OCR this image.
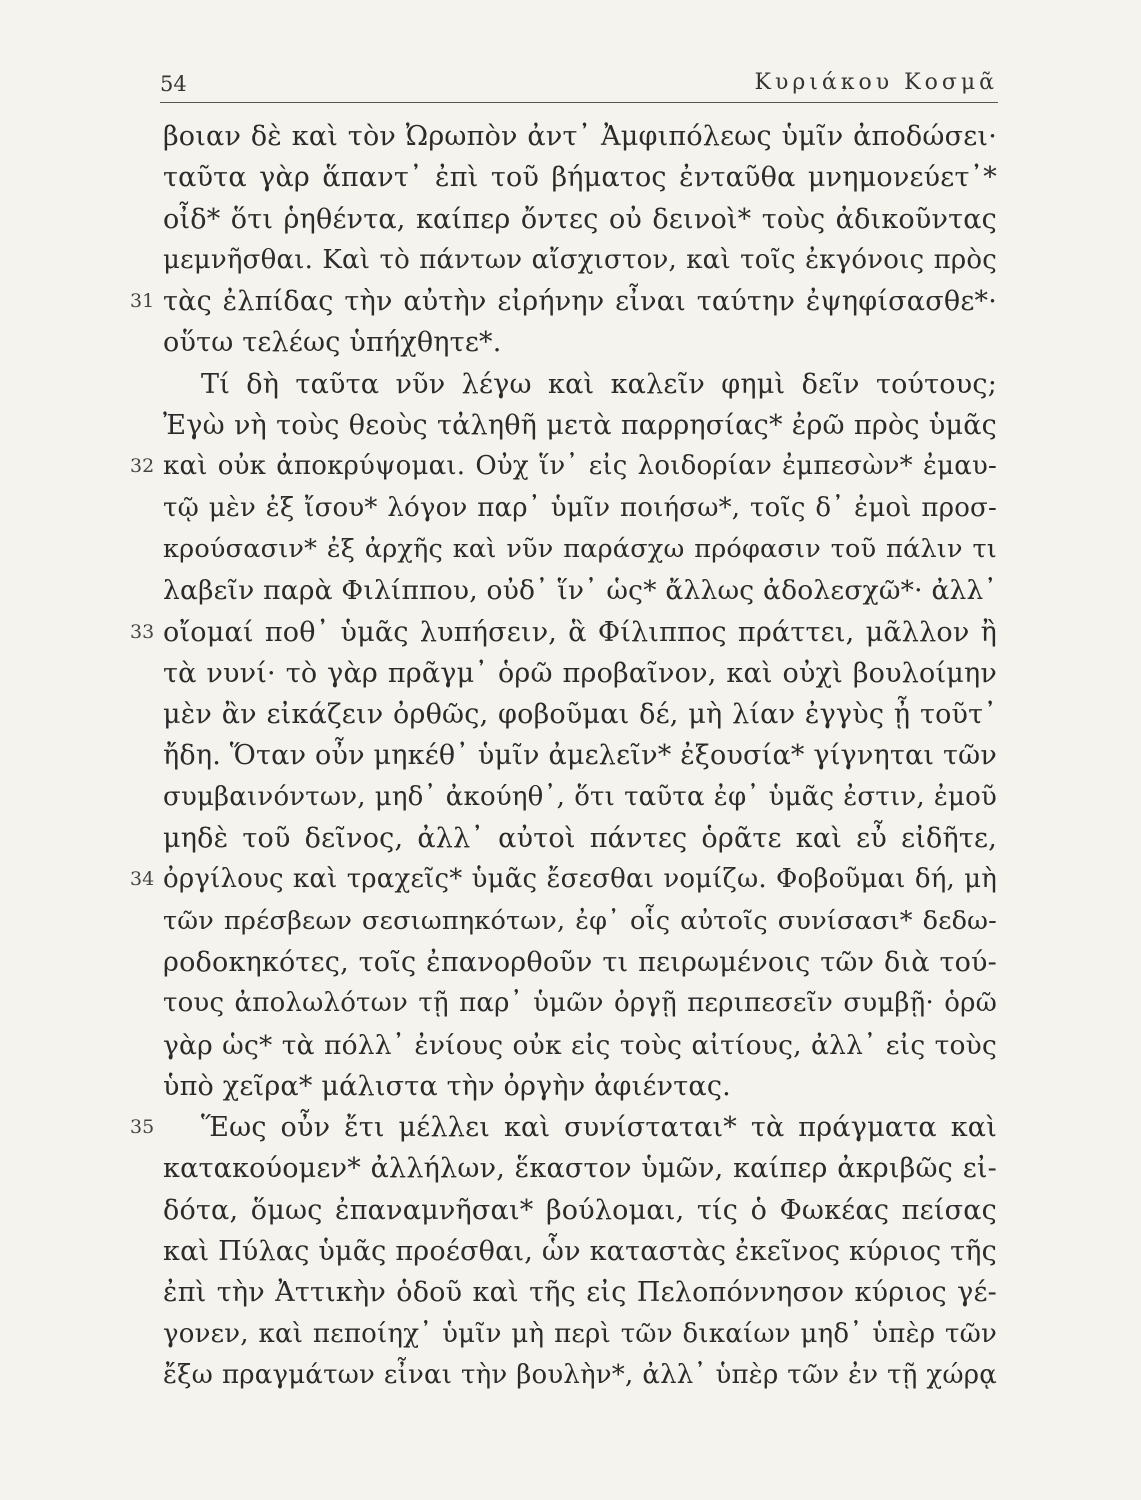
54	Κυριάκου Κοσμᾶ
βοιαν δὲ καὶ τὸν Ὠρωπὸν ἀντ᾽ Ἀμφιπόλεως ὑμῖν ἀποδώσει·
ταῦτα γὰρ ἅπαντ᾽ ἐπὶ τοῦ βήματος ἐνταῦθα μνημονεύετ᾽*
οἶδ* ὅτι ῥηθέντα, καίπερ ὄντες οὐ δεινοὶ* τοὺς ἀδικοῦντας
μεμνῆσθαι. Καὶ τὸ πάντων αἴσχιστον, καὶ τοῖς ἐκγόνοις πρὸς
31 τὰς ἐλπίδας τὴν αὐτὴν εἰρήνην εἶναι ταύτην ἐψηφίσασθε*·
οὕτω τελέως ὑπήχθητε*.
Τί δὴ ταῦτα νῦν λέγω καὶ καλεῖν φημὶ δεῖν τούτους;
Ἐγὼ νὴ τοὺς θεοὺς τἀληθῆ μετὰ παρρησίας* ἐρῶ πρὸς ὑμᾶς
32 καὶ οὐκ ἀποκρύψομαι. Οὐχ ἵν᾽ εἰς λοιδορίαν ἐμπεσὼν* ἐμαυ-
τῷ μὲν ἐξ ἴσου* λόγον παρ᾽ ὑμῖν ποιήσω*, τοῖς δ᾽ ἐμοὶ προσ-
κρούσασιν* ἐξ ἀρχῆς καὶ νῦν παράσχω πρόφασιν τοῦ πάλιν τι
λαβεῖν παρὰ Φιλίππου, οὐδ᾽ ἵν᾽ ὡς* ἄλλως ἀδολεσχῶ*· ἀλλ᾽
33 οἴομαί ποθ᾽ ὑμᾶς λυπήσειν, ἃ Φίλιππος πράττει, μᾶλλον ἢ
τὰ νυνί· τὸ γὰρ πρᾶγμ᾽ ὁρῶ προβαῖνον, καὶ οὐχὶ βουλοίμην
μὲν ἂν εἰκάζειν ὀρθῶς, φοβοῦμαι δέ, μὴ λίαν ἐγγὺς ᾖ τοῦτ᾽
ἤδη. Ὅταν οὖν μηκέθ᾽ ὑμῖν ἀμελεῖν* ἐξουσία* γίγνηται τῶν
συμβαινόντων, μηδ᾽ ἀκούηθ᾽, ὅτι ταῦτα ἐφ᾽ ὑμᾶς ἐστιν, ἐμοῦ
μηδὲ τοῦ δεῖνος, ἀλλ᾽ αὐτοὶ πάντες ὁρᾶτε καὶ εὖ εἰδῆτε,
34 ὀργίλους καὶ τραχεῖς* ὑμᾶς ἔσεσθαι νομίζω. Φοβοῦμαι δή, μὴ
τῶν πρέσβεων σεσιωπηκότων, ἐφ᾽ οἷς αὐτοῖς συνίσασι* δεδω-
ροδοκηκότες, τοῖς ἐπανορθοῦν τι πειρωμένοις τῶν διὰ τού-
τους ἀπολωλότων τῇ παρ᾽ ὑμῶν ὀργῇ περιπεσεῖν συμβῇ· ὁρῶ
γὰρ ὡς* τὰ πόλλ᾽ ἐνίους οὐκ εἰς τοὺς αἰτίους, ἀλλ᾽ εἰς τοὺς
ὑπὸ χεῖρα* μάλιστα τὴν ὀργὴν ἀφιέντας.
35 Ἕως οὖν ἔτι μέλλει καὶ συνίσταται* τὰ πράγματα καὶ
κατακούομεν* ἀλλήλων, ἕκαστον ὑμῶν, καίπερ ἀκριβῶς εἰ-
δότα, ὅμως ἐπαναμνῆσαι* βούλομαι, τίς ὁ Φωκέας πείσας
καὶ Πύλας ὑμᾶς προέσθαι, ὧν καταστὰς ἐκεῖνος κύριος τῆς
ἐπὶ τὴν Ἀττικὴν ὁδοῦ καὶ τῆς εἰς Πελοπόννησον κύριος γέ-
γονεν, καὶ πεποίηχ᾽ ὑμῖν μὴ περὶ τῶν δικαίων μηδ᾽ ὑπὲρ τῶν
ἔξω πραγμάτων εἶναι τὴν βουλὴν*, ἀλλ᾽ ὑπὲρ τῶν ἐν τῇ χώρᾳ
